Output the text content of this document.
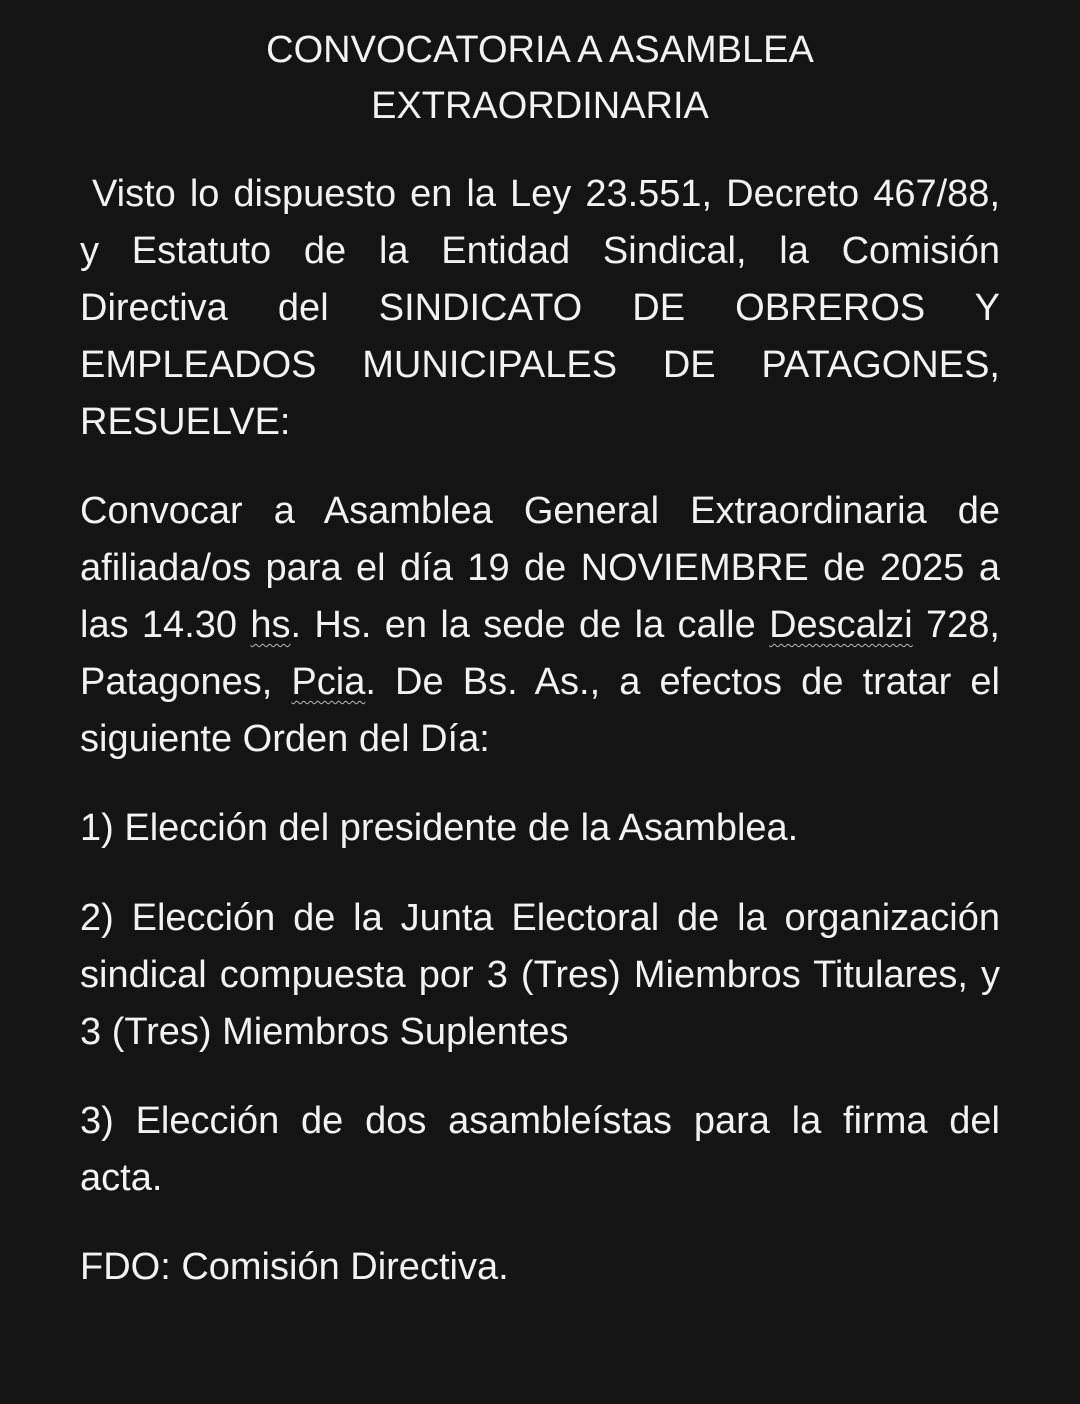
CONVOCATORIA A ASAMBLEA
EXTRAORDINARIA

Visto lo dispuesto en la Ley 23.551, Decreto 467/88, y Estatuto de la Entidad Sindical, la Comisión Directiva del SINDICATO DE OBREROS Y EMPLEADOS MUNICIPALES DE PATAGONES, RESUELVE:

Convocar a Asamblea General Extraordinaria de afiliada/os para el día 19 de NOVIEMBRE de 2025 a las 14.30 hs. Hs. en la sede de la calle Descalzi 728, Patagones, Pcia. De Bs. As., a efectos de tratar el siguiente Orden del Día:

1) Elección del presidente de la Asamblea.

2) Elección de la Junta Electoral de la organización sindical compuesta por 3 (Tres) Miembros Titulares, y 3 (Tres) Miembros Suplentes

3) Elección de dos asambleístas para la firma del acta.

FDO: Comisión Directiva.
